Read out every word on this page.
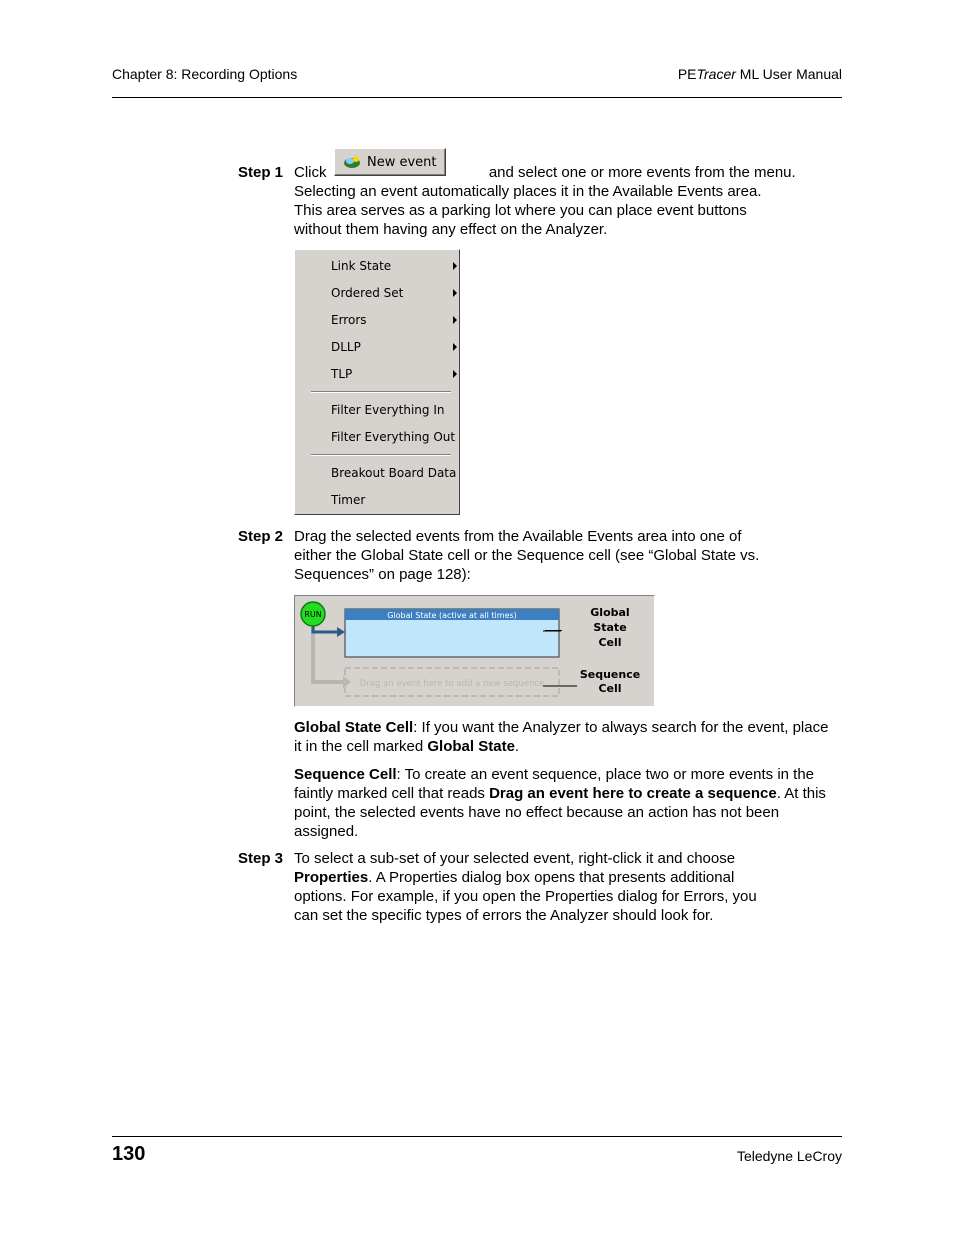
Chapter 8: Recording Options	PETracer ML User Manual
Step 1 Click	and select one or more events from the menu.
New event
Selecting an event automatically places it in the Available Events area.
This area serves as a parking lot where you can place event buttons
without them having any effect on the Analyzer.
Link State
Ordered Set
Errors
DLLP
TLP
Filter Everything In
Filter Everything Out
Breakout Board Data
Timer
Step 2 Drag the selected events from the Available Events area into one of
either the Global State cell or the Sequence cell (see “Global State vs.
Sequences” on page 128):
RUN	Global State (active at all times)
Drag an event here to add a new sequence
Global
State
Cell
Sequence
Cell
Global State Cell: If you want the Analyzer to always search for the event, place
it in the cell marked Global State.
Sequence Cell: To create an event sequence, place two or more events in the
faintly marked cell that reads Drag an event here to create a sequence. At this
point, the selected events have no effect because an action has not been
assigned.
Step 3 To select a sub-set of your selected event, right-click it and choose
Properties. A Properties dialog box opens that presents additional
options. For example, if you open the Properties dialog for Errors, you
can set the specific types of errors the Analyzer should look for.
130	Teledyne LeCroy
